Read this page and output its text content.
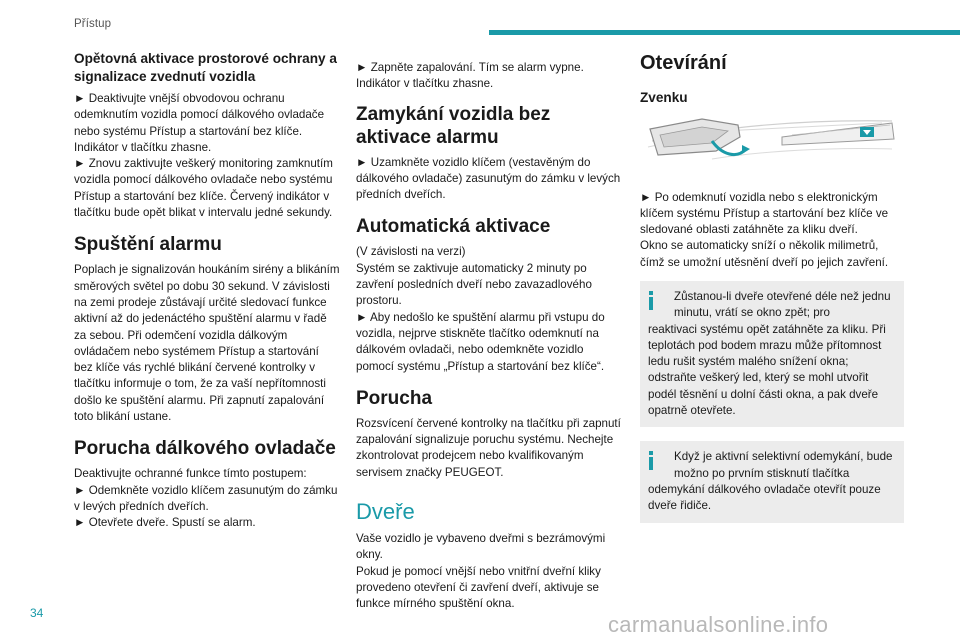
Přístup

Opětovná aktivace prostorové ochrany a signalizace zvednutí vozidla

► Deaktivujte vnější obvodovou ochranu odemknutím vozidla pomocí dálkového ovladače nebo systému Přístup a startování bez klíče. Indikátor v tlačítku zhasne.

► Znovu zaktivujte veškerý monitoring zamknutím vozidla pomocí dálkového ovladače nebo systému Přístup a startování bez klíče. Červený indikátor v tlačítku bude opět blikat v intervalu jedné sekundy.

Spuštění alarmu

Poplach je signalizován houkáním sirény a blikáním směrových světel po dobu 30 sekund. V závislosti na zemi prodeje zůstávají určité sledovací funkce aktivní až do jedenáctého spuštění alarmu v řadě za sebou. Při odemčení vozidla dálkovým ovládačem nebo systémem Přístup a startování bez klíče vás rychlé blikání červené kontrolky v tlačítku informuje o tom, že za vaší nepřítomnosti došlo ke spuštění alarmu. Při zapnutí zapalování toto blikání ustane.

Porucha dálkového ovladače

Deaktivujte ochranné funkce tímto postupem:

► Odemkněte vozidlo klíčem zasunutým do zámku v levých předních dveřích.

► Otevřete dveře. Spustí se alarm.

► Zapněte zapalování. Tím se alarm vypne. Indikátor v tlačítku zhasne.

Zamykání vozidla bez aktivace alarmu

► Uzamkněte vozidlo klíčem (vestavěným do dálkového ovladače) zasunutým do zámku v levých předních dveřích.

Automatická aktivace

(V závislosti na verzi)

Systém se zaktivuje automaticky 2 minuty po zavření posledních dveří nebo zavazadlového prostoru.

► Aby nedošlo ke spuštění alarmu při vstupu do vozidla, nejprve stiskněte tlačítko odemknutí na dálkovém ovladači, nebo odemkněte vozidlo pomocí systému „Přístup a startování bez klíče“.

Porucha

Rozsvícení červené kontrolky na tlačítku při zapnutí zapalování signalizuje poruchu systému. Nechejte zkontrolovat prodejcem nebo kvalifikovaným servisem značky PEUGEOT.

Dveře

Vaše vozidlo je vybaveno dveřmi s bezrámovými okny.

Pokud je pomocí vnější nebo vnitřní dveřní kliky provedeno otevření či zavření dveří, aktivuje se funkce mírného spuštění okna.

Otevírání

Zvenku

► Po odemknutí vozidla nebo s elektronickým klíčem systému Přístup a startování bez klíče ve sledované oblasti zatáhněte za kliku dveří.

Okno se automaticky sníží o několik milimetrů, čímž se umožní utěsnění dveří po jejich zavření.

Zůstanou-li dveře otevřené déle než jednu minutu, vrátí se okno zpět; pro

reaktivaci systému opět zatáhněte za kliku. Při teplotách pod bodem mrazu může přítomnost ledu rušit systém malého snížení okna; odstraňte veškerý led, který se mohl utvořit podél těsnění u dolní části okna, a pak dveře opatrně otevřete.

Když je aktivní selektivní odemykání, bude možno po prvním stisknutí tlačítka

odemykání dálkového ovladače otevřít pouze dveře řidiče.

34	carmanualsonline.info
